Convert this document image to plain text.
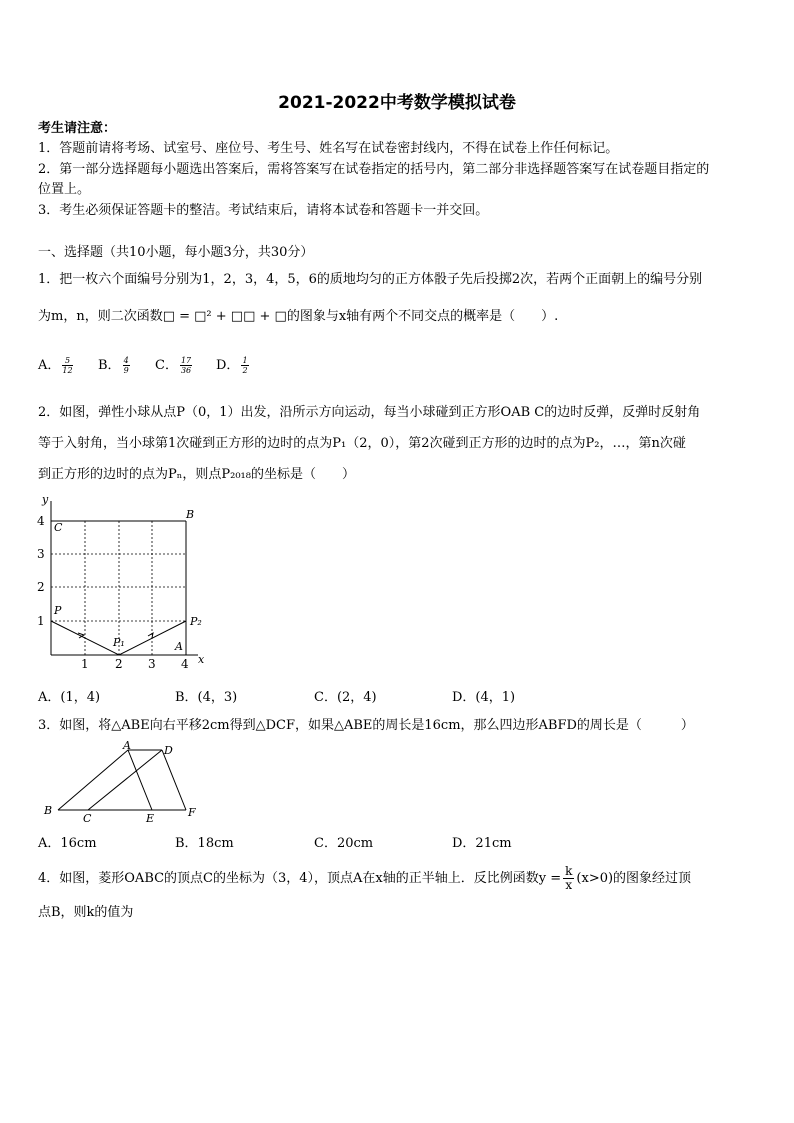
2021-2022中考数学模拟试卷
考生请注意：
1．答题前请将考场、试室号、座位号、考生号、姓名写在试卷密封线内，不得在试卷上作任何标记。
2．第一部分选择题每小题选出答案后，需将答案写在试卷指定的括号内，第二部分非选择题答案写在试卷题目指定的
位置上。
3．考生必须保证答题卡的整洁。考试结束后，请将本试卷和答题卡一并交回。
一、选择题（共10小题，每小题3分，共30分）
1．把一枚六个面编号分别为1，2，3，4，5，6的质地均匀的正方体骰子先后投掷2次，若两个正面朝上的编号分别
为m，n，则二次函数□ = □² + □□ + □的图象与x轴有两个不同交点的概率是（　　）.
A． $\frac{5}{12}$ B． $\frac{4}{9}$ C． $\frac{17}{36}$ D． $\frac{1}{2}$
2．如图，弹性小球从点P（0，1）出发，沿所示方向运动，每当小球碰到正方形OAB C的边时反弹，反弹时反射角
等于入射角，当小球第1次碰到正方形的边时的点为P₁（2，0），第2次碰到正方形的边时的点为P₂，…，第n次碰
到正方形的边时的点为Pₙ，则点P₂₀₁₈的坐标是（　　）
y
x
4
3
2
1
1 2 3 4
C
B
P
P₁
P₂
A
A．(1，4)	B．(4，3)	C．(2，4)	D．(4，1)
3．如图，将△ABE向右平移2cm得到△DCF，如果△ABE的周长是16cm，那么四边形ABFD的周长是（　　　）
A	D
B
C	E	F
A．16cm	B．18cm	C．20cm	D．21cm
4．如图，菱形OABC的顶点C的坐标为（3，4），顶点A在x轴的正半轴上．反比例函数$y = \frac{k}{x} (x>0)$的图象经过顶
点B，则k的值为
